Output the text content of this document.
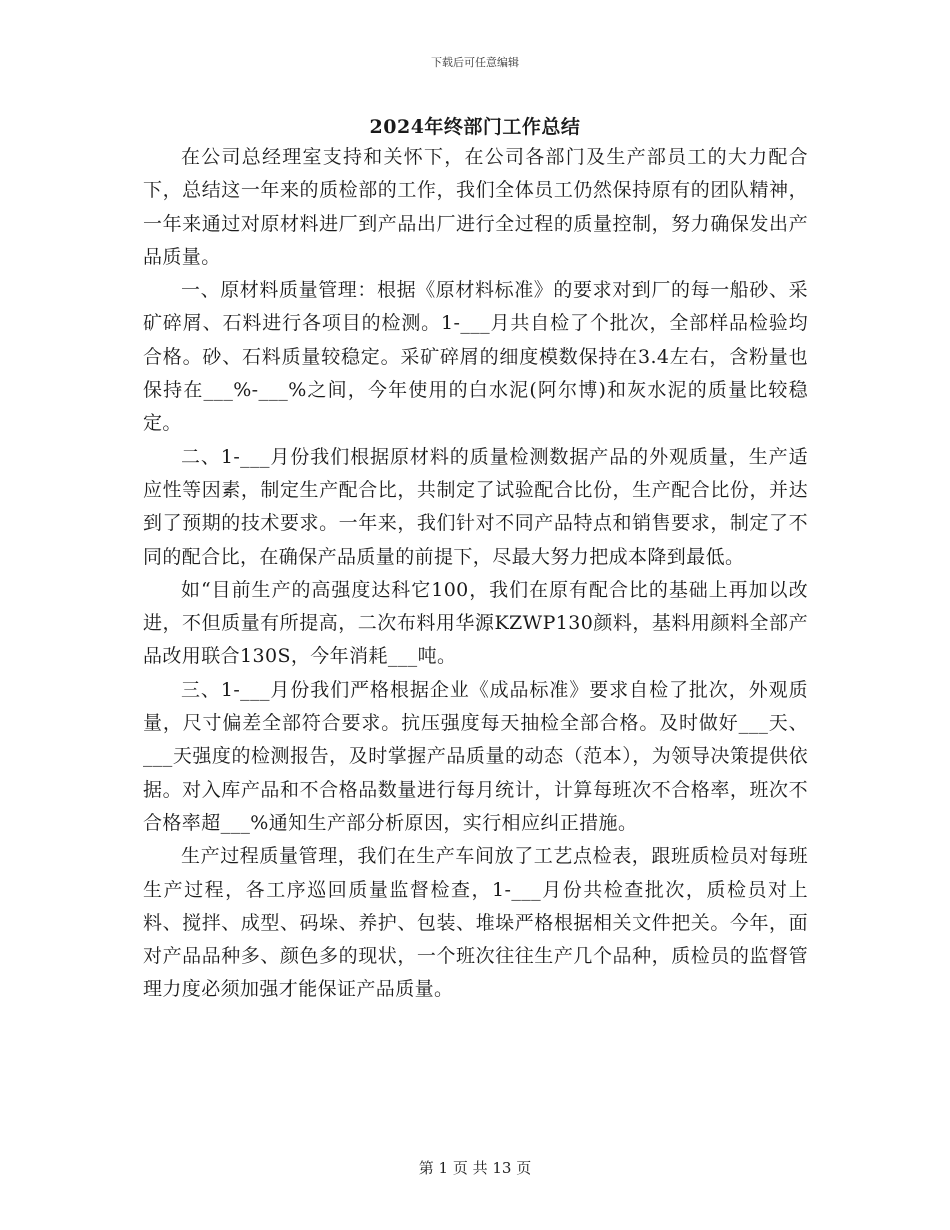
下载后可任意编辑
2024年终部门工作总结

在公司总经理室支持和关怀下，在公司各部门及生产部员工的大力配合下，总结这一年来的质检部的工作，我们全体员工仍然保持原有的团队精神，一年来通过对原材料进厂到产品出厂进行全过程的质量控制，努力确保发出产品质量。

一、原材料质量管理：根据《原材料标准》的要求对到厂的每一船砂、采矿碎屑、石料进行各项目的检测。1-___月共自检了个批次，全部样品检验均合格。砂、石料质量较稳定。采矿碎屑的细度模数保持在3.4左右，含粉量也保持在___%-___%之间，今年使用的白水泥(阿尔博)和灰水泥的质量比较稳定。

二、1-___月份我们根据原材料的质量检测数据产品的外观质量，生产适应性等因素，制定生产配合比，共制定了试验配合比份，生产配合比份，并达到了预期的技术要求。一年来，我们针对不同产品特点和销售要求，制定了不同的配合比，在确保产品质量的前提下，尽最大努力把成本降到最低。

如“目前生产的高强度达科它100，我们在原有配合比的基础上再加以改进，不但质量有所提高，二次布料用华源KZWP130颜料，基料用颜料全部产品改用联合130S，今年消耗___吨。

三、1-___月份我们严格根据企业《成品标准》要求自检了批次，外观质量，尺寸偏差全部符合要求。抗压强度每天抽检全部合格。及时做好___天、___天强度的检测报告，及时掌握产品质量的动态（范本），为领导决策提供依据。对入库产品和不合格品数量进行每月统计，计算每班次不合格率，班次不合格率超___%通知生产部分析原因，实行相应纠正措施。

生产过程质量管理，我们在生产车间放了工艺点检表，跟班质检员对每班生产过程，各工序巡回质量监督检查，1-___月份共检查批次，质检员对上料、搅拌、成型、码垛、养护、包装、堆垛严格根据相关文件把关。今年，面对产品品种多、颜色多的现状，一个班次往往生产几个品种，质检员的监督管理力度必须加强才能保证产品质量。

第 1 页 共 13 页
